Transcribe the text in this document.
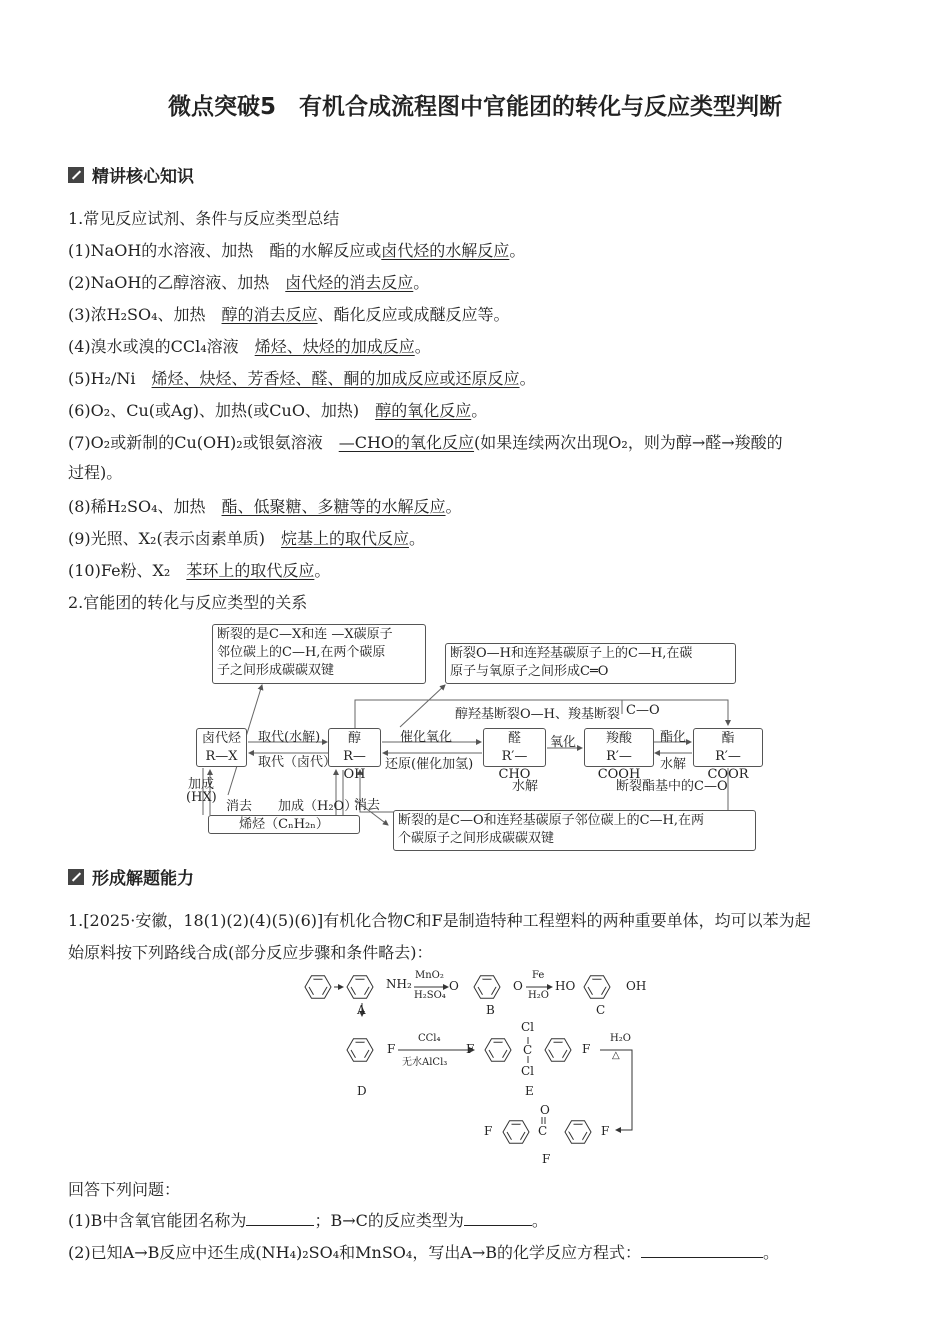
微点突破5　有机合成流程图中官能团的转化与反应类型判断
精讲核心知识
1.常见反应试剂、条件与反应类型总结
(1)NaOH的水溶液、加热 酯的水解反应或卤代烃的水解反应。
(2)NaOH的乙醇溶液、加热 卤代烃的消去反应。
(3)浓H₂SO₄、加热 醇的消去反应、酯化反应或成醚反应等。
(4)溴水或溴的CCl₄溶液 烯烃、炔烃的加成反应。
(5)H₂/Ni 烯烃、炔烃、芳香烃、醛、酮的加成反应或还原反应。
(6)O₂、Cu(或Ag)、加热(或CuO、加热) 醇的氧化反应。
(7)O₂或新制的Cu(OH)₂或银氨溶液 —CHO的氧化反应(如果连续两次出现O₂，则为醇→醛→羧酸的
过程)。
(8)稀H₂SO₄、加热 酯、低聚糖、多糖等的水解反应。
(9)光照、X₂(表示卤素单质) 烷基上的取代反应。
(10)Fe粉、X₂ 苯环上的取代反应。
2.官能团的转化与反应类型的关系
断裂的是C—X和连 —X碳原子
邻位碳上的C—H,在两个碳原
子之间形成碳碳双键
断裂O—H和连羟基碳原子上的C—H,在碳
原子与氧原子之间形成C═O
断裂的是C—O和连羟基碳原子邻位碳上的C—H,在两
个碳原子之间形成碳碳双键
卤代烃
R—X
醇
R—OH
醛
R′—CHO
羧酸
R′—COOH
酯
R′—COOR
烯烃（CₙH₂ₙ）
取代(水解)
取代（卤代）
催化氧化
还原(催化加氢)
氧化	酯化
水解
醇羟基断裂O—H、羧基断裂 C—O
水解	断裂酯基中的C—O
加成
(HX)
消去 加成（H₂O）
消去
形成解题能力
1.[2025·安徽，18(1)(2)(4)(5)(6)]有机化合物C和F是制造特种工程塑料的两种重要单体，均可以苯为起
始原料按下列路线合成(部分反应步骤和条件略去)：
NH₂
MnO₂
H₂SO₄
O	O
Fe
H₂O
HO	OH
A	B	C
F
CCl₄
无水AlCl₃
F	C
Cl
Cl
F
H₂O
△
D	E
F	C
O
F
F
回答下列问题：
(1)B中含氧官能团名称为	；B→C的反应类型为	。
(2)已知A→B反应中还生成(NH₄)₂SO₄和MnSO₄，写出A→B的化学反应方程式：	。
